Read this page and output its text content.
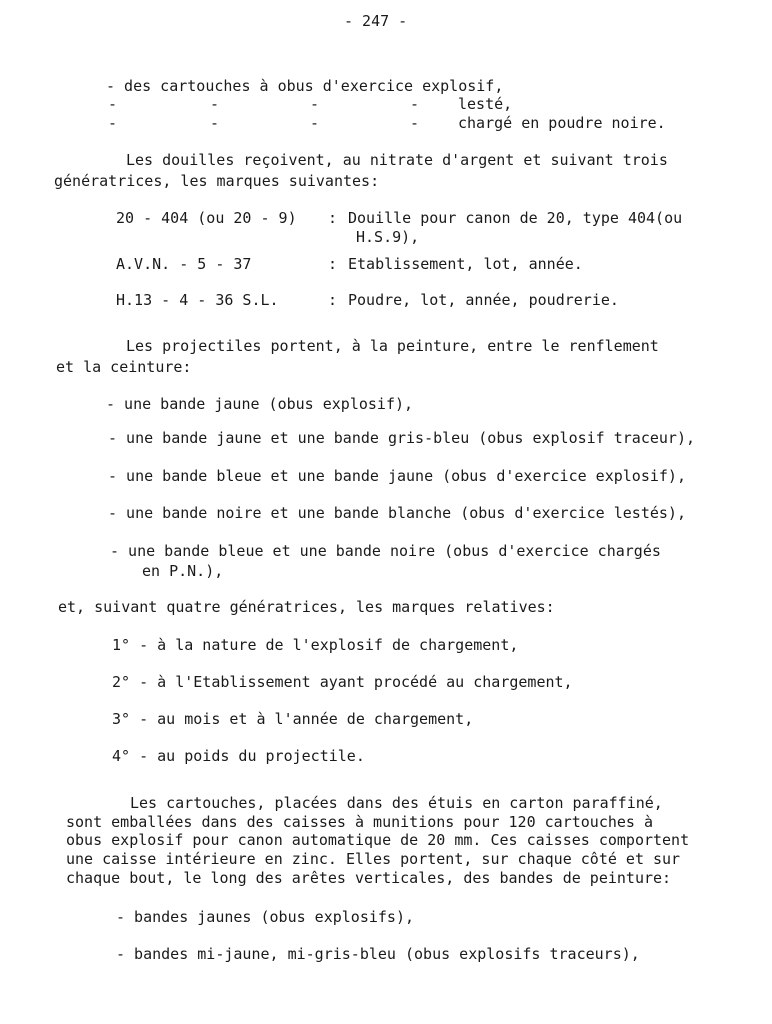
- 247 -
- des cartouches à obus d'exercice explosif,
-	-	-	-	lesté,
-	-	-	-	chargé en poudre noire.
Les douilles reçoivent, au nitrate d'argent et suivant trois
génératrices, les marques suivantes:
20 - 404 (ou 20 - 9) : Douille pour canon de 20, type 404(ou
H.S.9),
A.V.N. - 5 - 37	: Etablissement, lot, année.
H.13 - 4 - 36 S.L.	: Poudre, lot, année, poudrerie.
Les projectiles portent, à la peinture, entre le renflement
et la ceinture:
- une bande jaune (obus explosif),
- une bande jaune et une bande gris-bleu (obus explosif traceur),
- une bande bleue et une bande jaune (obus d'exercice explosif),
- une bande noire et une bande blanche (obus d'exercice lestés),
- une bande bleue et une bande noire (obus d'exercice chargés
en P.N.),
et, suivant quatre génératrices, les marques relatives:
1° - à la nature de l'explosif de chargement,
2° - à l'Etablissement ayant procédé au chargement,
3° - au mois et à l'année de chargement,
4° - au poids du projectile.
Les cartouches, placées dans des étuis en carton paraffiné,
sont emballées dans des caisses à munitions pour 120 cartouches à
obus explosif pour canon automatique de 20 mm. Ces caisses comportent
une caisse intérieure en zinc. Elles portent, sur chaque côté et sur
chaque bout, le long des arêtes verticales, des bandes de peinture:
- bandes jaunes (obus explosifs),
- bandes mi-jaune, mi-gris-bleu (obus explosifs traceurs),
